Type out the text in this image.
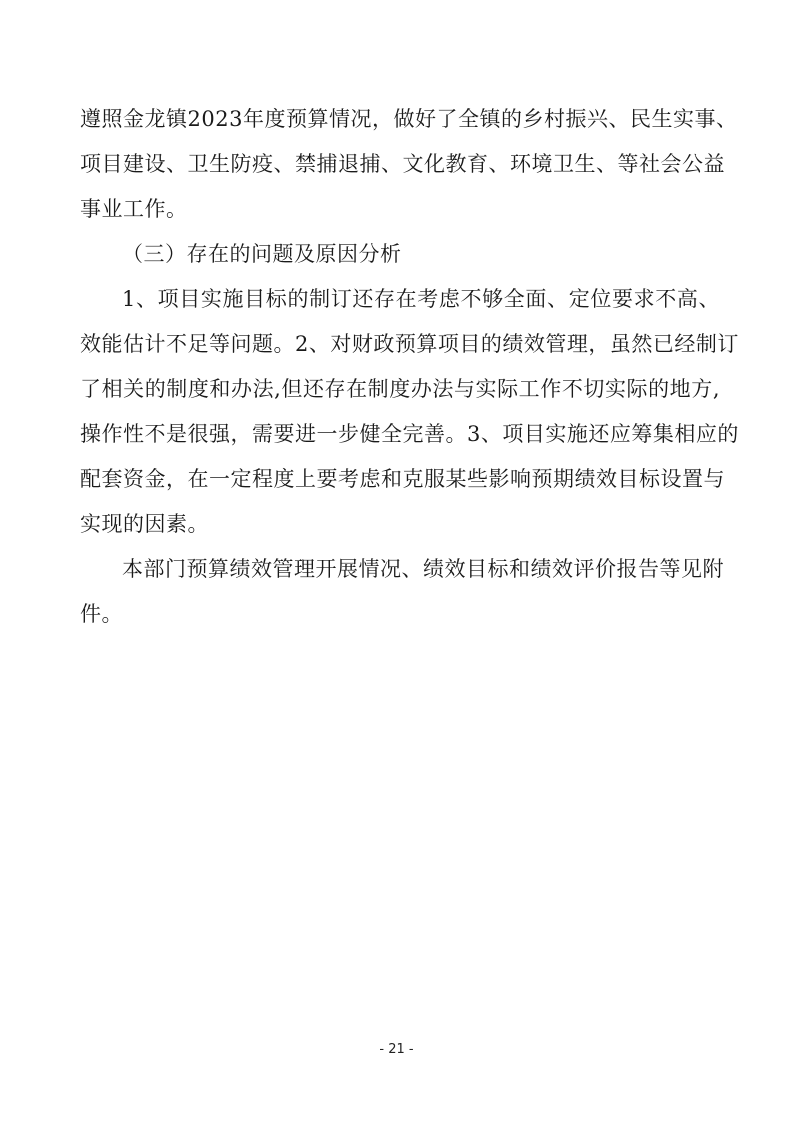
遵照金龙镇2023年度预算情况，做好了全镇的乡村振兴、民生实事、
项目建设、卫生防疫、禁捕退捕、文化教育、环境卫生、等社会公益
事业工作。
（三）存在的问题及原因分析
1、项目实施目标的制订还存在考虑不够全面、定位要求不高、
效能估计不足等问题。2、对财政预算项目的绩效管理，虽然已经制订
了相关的制度和办法,但还存在制度办法与实际工作不切实际的地方,
操作性不是很强，需要进一步健全完善。3、项目实施还应筹集相应的
配套资金，在一定程度上要考虑和克服某些影响预期绩效目标设置与
实现的因素。
本部门预算绩效管理开展情况、绩效目标和绩效评价报告等见附
件。
- 21 -
